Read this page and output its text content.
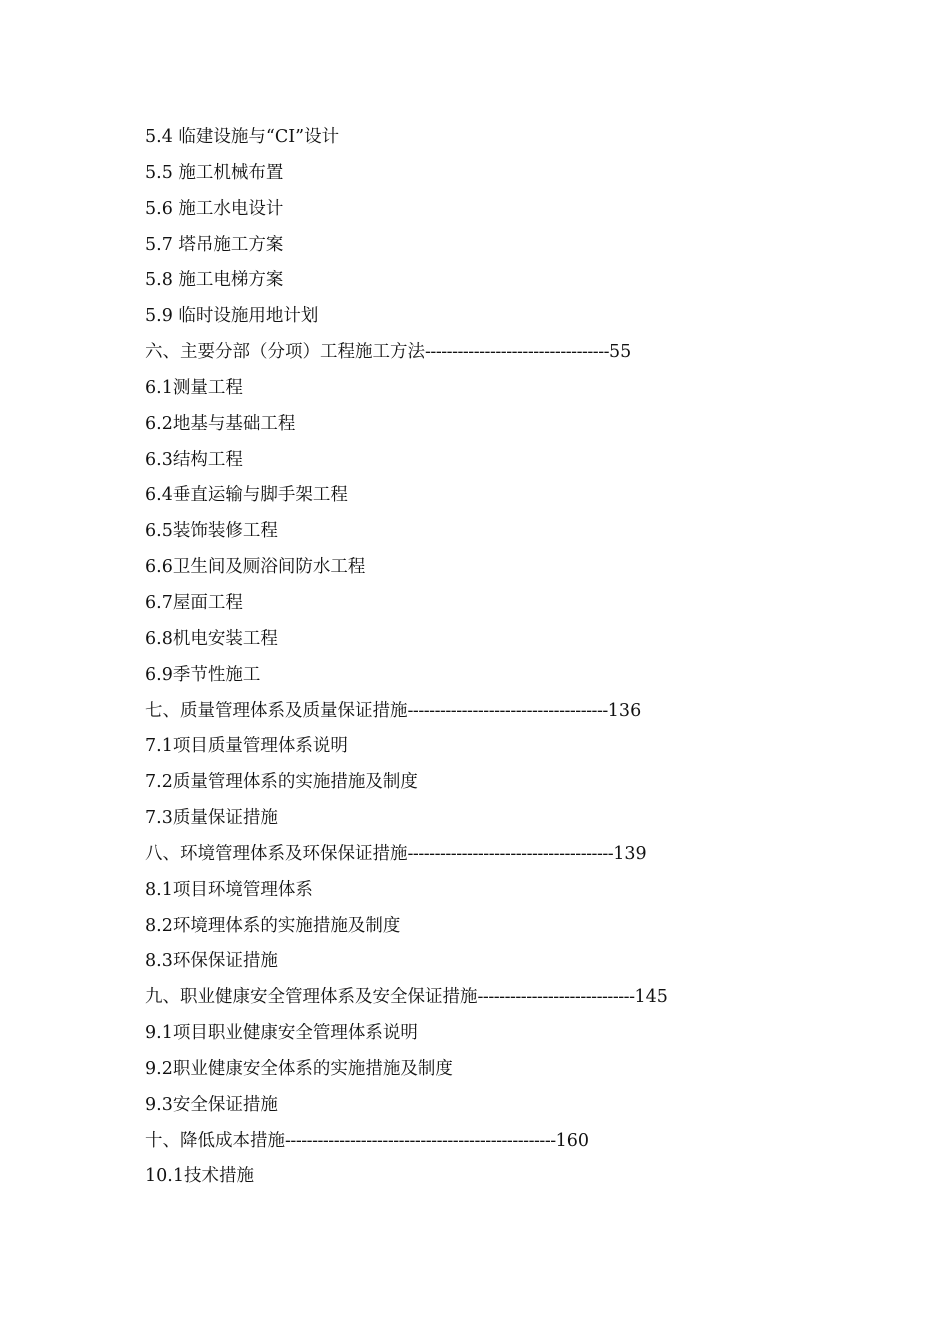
5.4 临建设施与“CI”设计
5.5 施工机械布置
5.6 施工水电设计
5.7 塔吊施工方案
5.8 施工电梯方案
5.9 临时设施用地计划
六、主要分部（分项）工程施工方法----------------------------------55
6.1测量工程
6.2地基与基础工程
6.3结构工程
6.4垂直运输与脚手架工程
6.5装饰装修工程
6.6卫生间及厕浴间防水工程
6.7屋面工程
6.8机电安装工程
6.9季节性施工
七、质量管理体系及质量保证措施-------------------------------------136
7.1项目质量管理体系说明
7.2质量管理体系的实施措施及制度
7.3质量保证措施
八、环境管理体系及环保保证措施--------------------------------------139
8.1项目环境管理体系
8.2环境理体系的实施措施及制度
8.3环保保证措施
九、职业健康安全管理体系及安全保证措施-----------------------------145
9.1项目职业健康安全管理体系说明
9.2职业健康安全体系的实施措施及制度
9.3安全保证措施
十、降低成本措施--------------------------------------------------160
10.1技术措施
